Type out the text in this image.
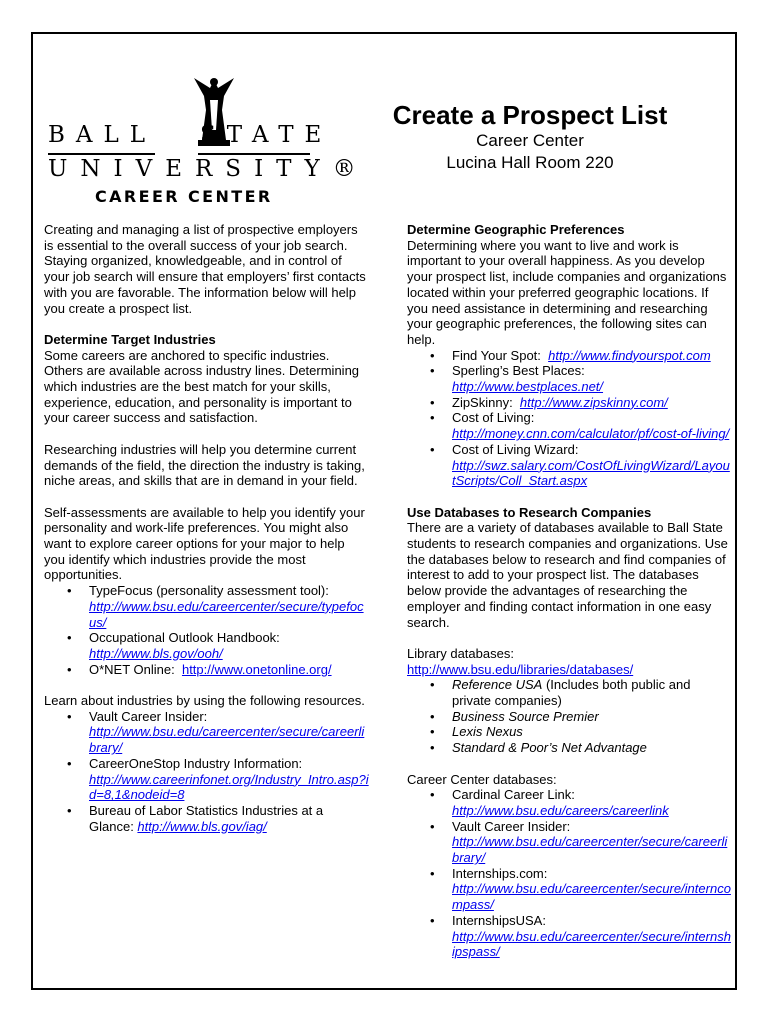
BALL STATE
UNIVERSITY®
CAREER CENTER
Create a Prospect List
Career Center
Lucina Hall Room 220

Creating and managing a list of prospective employers is essential to the overall success of your job search. Staying organized, knowledgeable, and in control of your job search will ensure that employers’ first contacts with you are favorable. The information below will help you create a prospect list.

Determine Target Industries

Some careers are anchored to specific industries. Others are available across industry lines. Determining which industries are the best match for your skills, experience, education, and personality is important to your career success and satisfaction.

Researching industries will help you determine current demands of the field, the direction the industry is taking, niche areas, and skills that are in demand in your field.

Self-assessments are available to help you identify your personality and work-life preferences. You might also want to explore career options for your major to help you identify which industries provide the most opportunities.
• TypeFocus (personality assessment tool):
http://www.bsu.edu/careercenter/secure/typefocus/
• Occupational Outlook Handbook:
http://www.bls.gov/ooh/
• O*NET Online:  http://www.onetonline.org/
Learn about industries by using the following resources.
• Vault Career Insider:
http://www.bsu.edu/careercenter/secure/careerlibrary/
• CareerOneStop Industry Information:
http://www.careerinfonet.org/Industry_Intro.asp?id=8,1&nodeid=8
• Bureau of Labor Statistics Industries at a Glance: http://www.bls.gov/iag/
Determine Geographic Preferences
Determining where you want to live and work is important to your overall happiness. As you develop your prospect list, include companies and organizations located within your preferred geographic locations. If you need assistance in determining and researching your geographic preferences, the following sites can help.
• Find Your Spot:  http://www.findyourspot.com
• Sperling’s Best Places:
http://www.bestplaces.net/
• ZipSkinny:  http://www.zipskinny.com/
• Cost of Living:
http://money.cnn.com/calculator/pf/cost-of-living/
• Cost of Living Wizard:
http://swz.salary.com/CostOfLivingWizard/LayoutScripts/Coll_Start.aspx
Use Databases to Research Companies

There are a variety of databases available to Ball State students to research companies and organizations. Use the databases below to research and find companies of interest to add to your prospect list. The databases below provide the advantages of researching the employer and finding contact information in one easy search.

Library databases:
http://www.bsu.edu/libraries/databases/
• Reference USA (Includes both public and private companies)
• Business Source Premier
• Lexis Nexus
• Standard & Poor’s Net Advantage
Career Center databases:
• Cardinal Career Link:
http://www.bsu.edu/careers/careerlink
• Vault Career Insider:
http://www.bsu.edu/careercenter/secure/careerlibrary/
• Internships.com:
http://www.bsu.edu/careercenter/secure/interncompass/
• InternshipsUSA:
http://www.bsu.edu/careercenter/secure/internshipspass/
